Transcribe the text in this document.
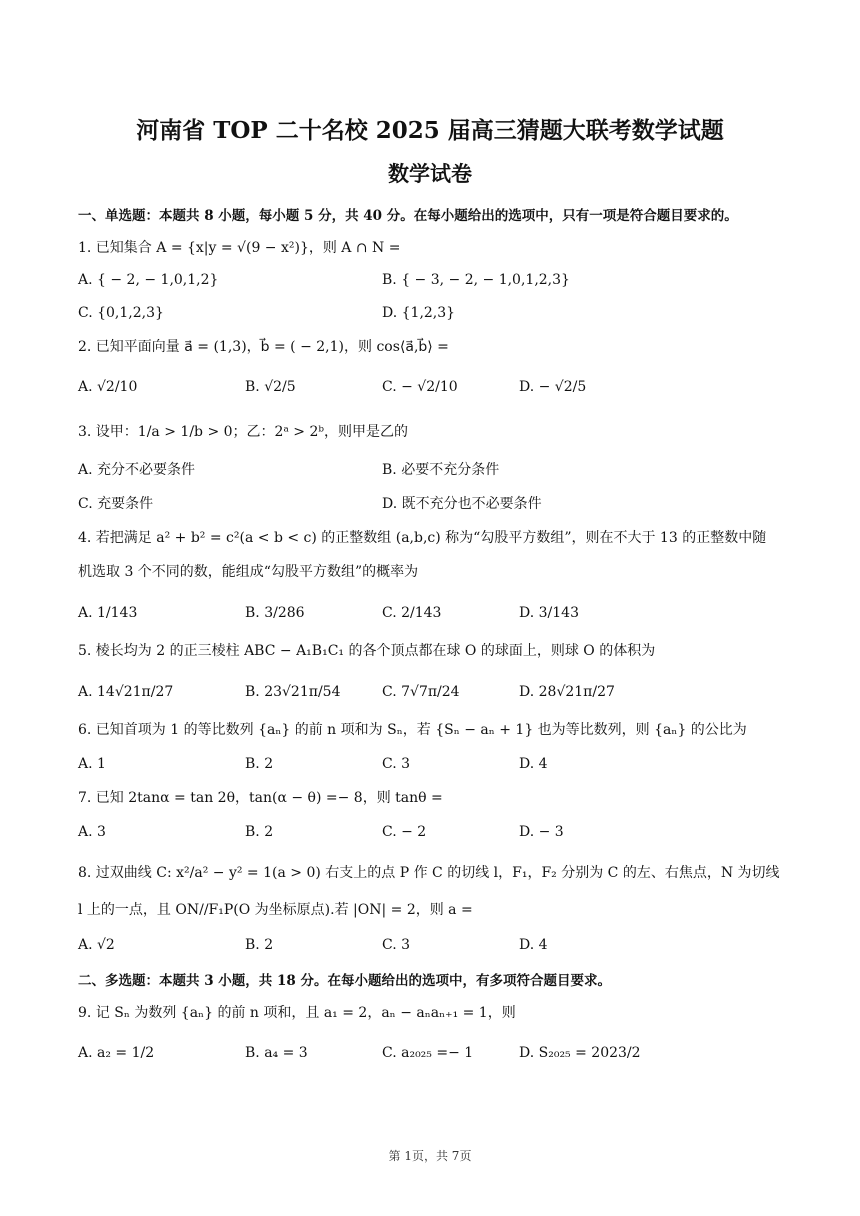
河南省 TOP 二十名校 2025 届高三猜题大联考数学试题
数学试卷
一、单选题：本题共 8 小题，每小题 5 分，共 40 分。在每小题给出的选项中，只有一项是符合题目要求的。
1. 已知集合 A = {x|y = √(9 − x²)}，则 A ∩ N =
A. { − 2, − 1,0,1,2}	B. { − 3, − 2, − 1,0,1,2,3}
C. {0,1,2,3}	D. {1,2,3}
2. 已知平面向量 a⃗ = (1,3)，b⃗ = ( − 2,1)，则 cos⟨a⃗,b⃗⟩ =
A. √2/10	B. √2/5	C. − √2/10	D. − √2/5
3. 设甲：1/a > 1/b > 0；乙：2ᵃ > 2ᵇ，则甲是乙的
A. 充分不必要条件	B. 必要不充分条件
C. 充要条件	D. 既不充分也不必要条件
4. 若把满足 a² + b² = c²(a < b < c) 的正整数组 (a,b,c) 称为“勾股平方数组”，则在不大于 13 的正整数中随
机选取 3 个不同的数，能组成“勾股平方数组”的概率为
A. 1/143	B. 3/286	C. 2/143	D. 3/143
5. 棱长均为 2 的正三棱柱 ABC − A₁B₁C₁ 的各个顶点都在球 O 的球面上，则球 O 的体积为
A. 14√21π/27	B. 23√21π/54	C. 7√7π/24	D. 28√21π/27
6. 已知首项为 1 的等比数列 {aₙ} 的前 n 项和为 Sₙ，若 {Sₙ − aₙ + 1} 也为等比数列，则 {aₙ} 的公比为
A. 1	B. 2	C. 3	D. 4
7. 已知 2tanα = tan 2θ，tan(α − θ) =− 8，则 tanθ =
A. 3	B. 2	C. − 2	D. − 3
8. 过双曲线 C: x²/a² − y² = 1(a > 0) 右支上的点 P 作 C 的切线 l，F₁，F₂ 分别为 C 的左、右焦点，N 为切线
l 上的一点，且 ON//F₁P(O 为坐标原点).若 |ON| = 2，则 a =
A. √2	B. 2	C. 3	D. 4
二、多选题：本题共 3 小题，共 18 分。在每小题给出的选项中，有多项符合题目要求。
9. 记 Sₙ 为数列 {aₙ} 的前 n 项和，且 a₁ = 2，aₙ − aₙaₙ₊₁ = 1，则
A. a₂ = 1/2	B. a₄ = 3	C. a₂₀₂₅ =− 1	D. S₂₀₂₅ = 2023/2
第 1页，共 7页
